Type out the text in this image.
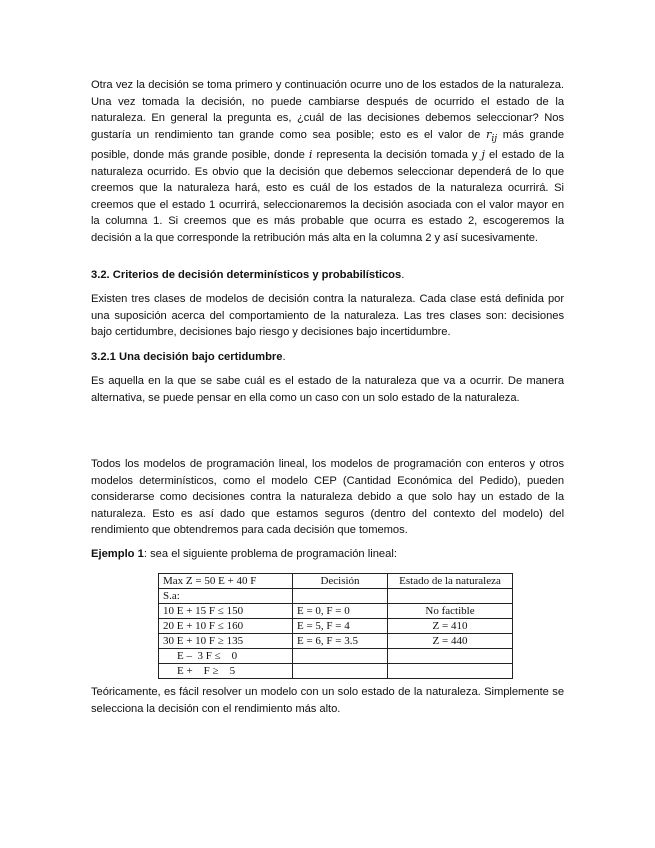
Otra vez la decisión se toma primero y continuación ocurre uno de los estados de la naturaleza. Una vez tomada la decisión, no puede cambiarse después de ocurrido el estado de la naturaleza. En general la pregunta es, ¿cuál de las decisiones debemos seleccionar? Nos gustaría un rendimiento tan grande como sea posible; esto es el valor de $r_{ij}$ más grande posible, donde más grande posible, donde i representa la decisión tomada y j el estado de la naturaleza ocurrido. Es obvio que la decisión que debemos seleccionar dependerá de lo que creemos que la naturaleza hará, esto es cuál de los estados de la naturaleza ocurrirá. Si creemos que el estado 1 ocurrirá, seleccionaremos la decisión asociada con el valor mayor en la columna 1. Si creemos que es más probable que ocurra es estado 2, escogeremos la decisión a la que corresponde la retribución más alta en la columna 2 y así sucesivamente.

3.2. Criterios de decisión determinísticos y probabilísticos.

Existen tres clases de modelos de decisión contra la naturaleza. Cada clase está definida por una suposición acerca del comportamiento de la naturaleza. Las tres clases son: decisiones bajo certidumbre, decisiones bajo riesgo y decisiones bajo incertidumbre.

3.2.1 Una decisión bajo certidumbre.

Es aquella en la que se sabe cuál es el estado de la naturaleza que va a ocurrir. De manera alternativa, se puede pensar en ella como un caso con un solo estado de la naturaleza.

Todos los modelos de programación lineal, los modelos de programación con enteros y otros modelos determinísticos, como el modelo CEP (Cantidad Económica del Pedido), pueden considerarse como decisiones contra la naturaleza debido a que solo hay un estado de la naturaleza. Esto es así dado que estamos seguros (dentro del contexto del modelo) del rendimiento que obtendremos para cada decisión que tomemos.

Ejemplo 1: sea el siguiente problema de programación lineal:

Max Z = 50 E + 40 F	Decisión	Estado de la naturaleza
S.a:		
10 E + 15 F ≤ 150	E = 0, F = 0	No factible
20 E + 10 F ≤ 160	E = 5, F = 4	Z = 410
30 E + 10 F ≥ 135	E = 6, F = 3.5	Z = 440
E –  3 F ≤    0		
E +    F ≥    5		

Teóricamente, es fácil resolver un modelo con un solo estado de la naturaleza. Simplemente se selecciona la decisión con el rendimiento más alto.
